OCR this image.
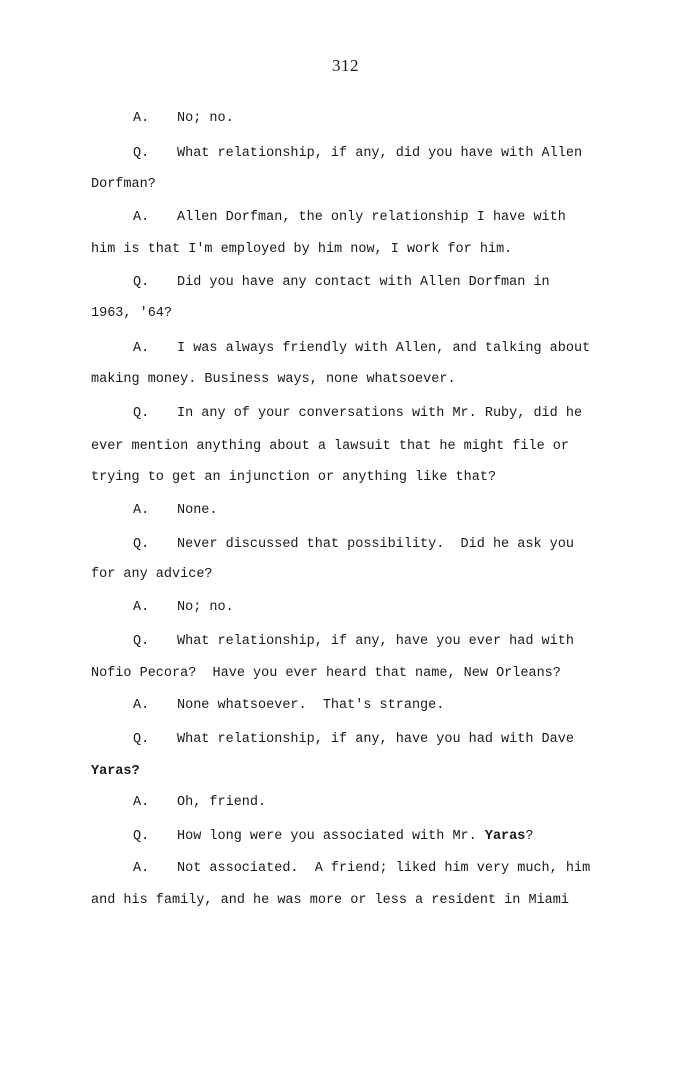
312
A. No; no.
Q. What relationship, if any, did you have with Allen
Dorfman?
A. Allen Dorfman, the only relationship I have with
him is that I'm employed by him now, I work for him.
Q. Did you have any contact with Allen Dorfman in
1963, '64?
A. I was always friendly with Allen, and talking about
making money. Business ways, none whatsoever.
Q. In any of your conversations with Mr. Ruby, did he
ever mention anything about a lawsuit that he might file or
trying to get an injunction or anything like that?
A. None.
Q. Never discussed that possibility.  Did he ask you
for any advice?
A. No; no.
Q. What relationship, if any, have you ever had with
Nofio Pecora?  Have you ever heard that name, New Orleans?
A. None whatsoever.  That's strange.
Q. What relationship, if any, have you had with Dave
Yaras?
A. Oh, friend.
Q. How long were you associated with Mr. Yaras?
A. Not associated.  A friend; liked him very much, him
and his family, and he was more or less a resident in Miami
